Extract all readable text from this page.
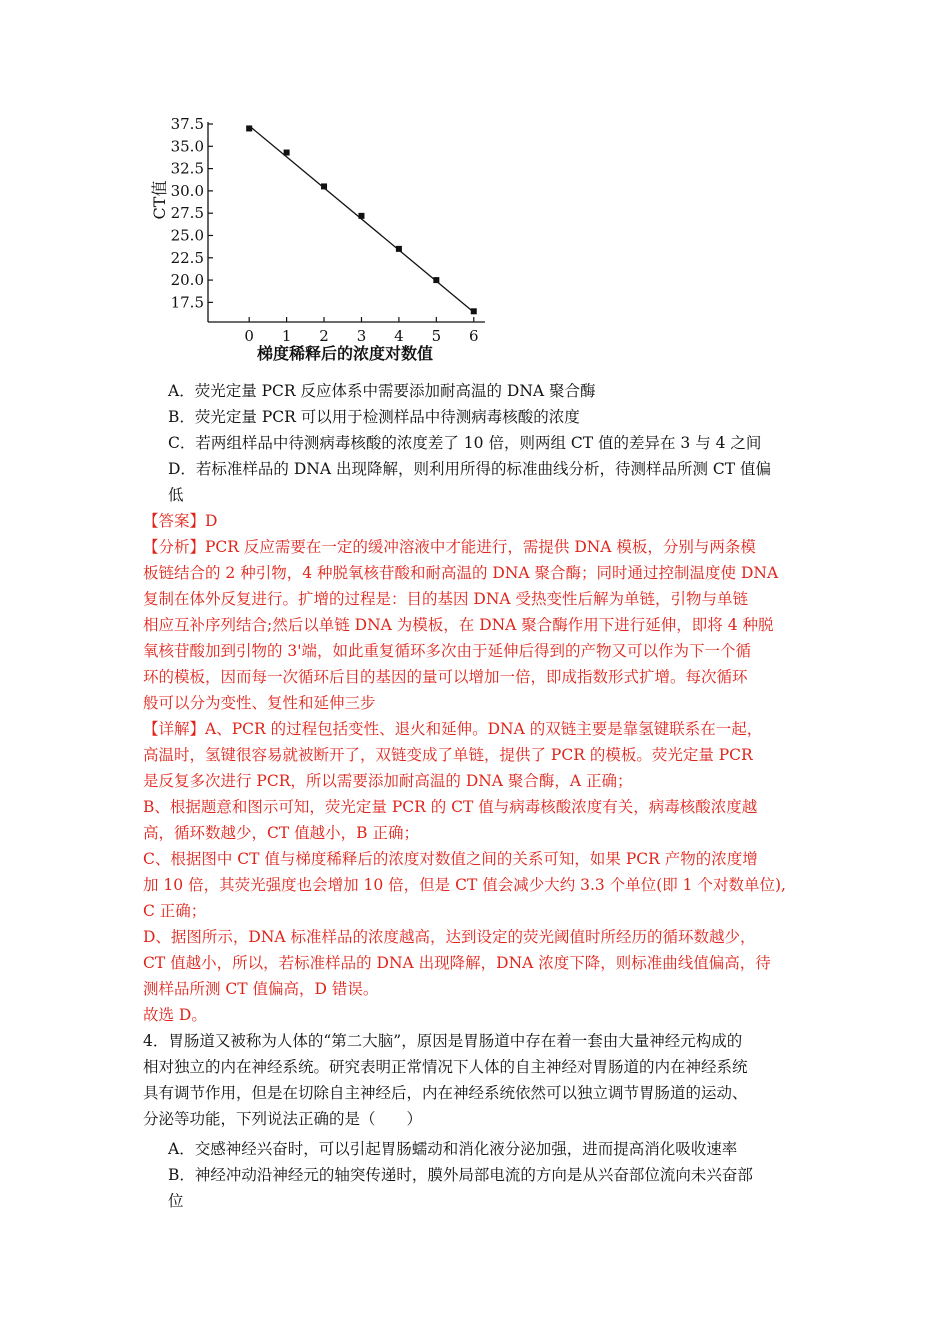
37.5
35.0
32.5
30.0
27.5
25.0
22.5
20.0
17.5
0 1 2 3 4 5 6
CT值
梯度稀释后的浓度对数值
A．荧光定量 PCR 反应体系中需要添加耐高温的 DNA 聚合酶
B．荧光定量 PCR 可以用于检测样品中待测病毒核酸的浓度
C．若两组样品中待测病毒核酸的浓度差了 10 倍，则两组 CT 值的差异在 3 与 4 之间
D．若标准样品的 DNA 出现降解，则利用所得的标准曲线分析，待测样品所测 CT 值偏
低
【答案】D
【分析】PCR 反应需要在一定的缓冲溶液中才能进行，需提供 DNA 模板，分别与两条模
板链结合的 2 种引物，4 种脱氧核苷酸和耐高温的 DNA 聚合酶；同时通过控制温度使 DNA
复制在体外反复进行。扩增的过程是：目的基因 DNA 受热变性后解为单链，引物与单链
相应互补序列结合;然后以单链 DNA 为模板，在 DNA 聚合酶作用下进行延伸，即将 4 种脱
氧核苷酸加到引物的 3'端，如此重复循环多次由于延伸后得到的产物又可以作为下一个循
环的模板，因而每一次循环后目的基因的量可以增加一倍，即成指数形式扩增。每次循环
般可以分为变性、复性和延伸三步
【详解】A、PCR 的过程包括变性、退火和延伸。DNA 的双链主要是靠氢键联系在一起，
高温时，氢键很容易就被断开了，双链变成了单链，提供了 PCR 的模板。荧光定量 PCR
是反复多次进行 PCR，所以需要添加耐高温的 DNA 聚合酶，A 正确；
B、根据题意和图示可知，荧光定量 PCR 的 CT 值与病毒核酸浓度有关，病毒核酸浓度越
高，循环数越少，CT 值越小，B 正确；
C、根据图中 CT 值与梯度稀释后的浓度对数值之间的关系可知，如果 PCR 产物的浓度增
加 10 倍，其荧光强度也会增加 10 倍，但是 CT 值会减少大约 3.3 个单位(即 1 个对数单位),
C 正确；
D、据图所示，DNA 标准样品的浓度越高，达到设定的荧光阈值时所经历的循环数越少，
CT 值越小，所以，若标准样品的 DNA 出现降解，DNA 浓度下降，则标准曲线值偏高，待
测样品所测 CT 值偏高，D 错误。
故选 D。
4．胃肠道又被称为人体的“第二大脑”，原因是胃肠道中存在着一套由大量神经元构成的
相对独立的内在神经系统。研究表明正常情况下人体的自主神经对胃肠道的内在神经系统
具有调节作用，但是在切除自主神经后，内在神经系统依然可以独立调节胃肠道的运动、
分泌等功能，下列说法正确的是（　　）
A．交感神经兴奋时，可以引起胃肠蠕动和消化液分泌加强，进而提高消化吸收速率
B．神经冲动沿神经元的轴突传递时，膜外局部电流的方向是从兴奋部位流向未兴奋部
位
